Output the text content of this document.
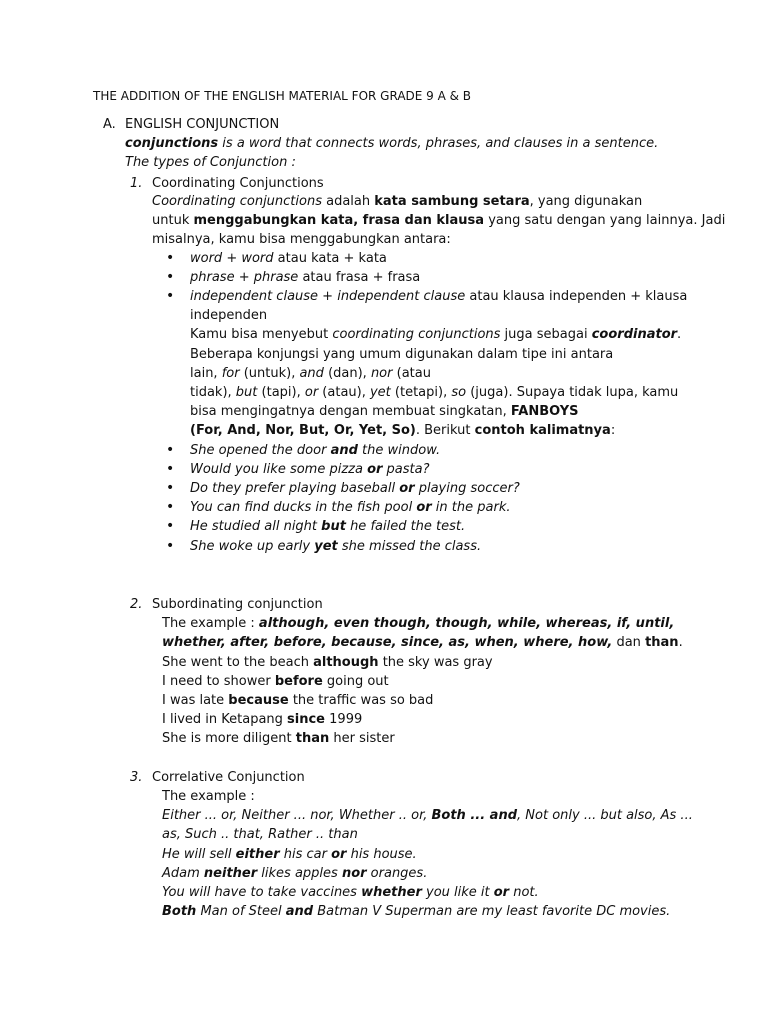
THE ADDITION OF THE ENGLISH MATERIAL FOR GRADE 9 A & B
A. ENGLISH CONJUNCTION
conjunctions is a word that connects words, phrases, and clauses in a sentence.
The types of Conjunction :
1. Coordinating Conjunctions
Coordinating conjunctions adalah kata sambung setara, yang digunakan
untuk menggabungkan kata, frasa dan klausa yang satu dengan yang lainnya. Jadi
misalnya, kamu bisa menggabungkan antara:
• word + word atau kata + kata
• phrase + phrase atau frasa + frasa
• independent clause + independent clause atau klausa independen + klausa
independen
Kamu bisa menyebut coordinating conjunctions juga sebagai coordinator.
Beberapa konjungsi yang umum digunakan dalam tipe ini antara
lain, for (untuk), and (dan), nor (atau
tidak), but (tapi), or (atau), yet (tetapi), so (juga). Supaya tidak lupa, kamu
bisa mengingatnya dengan membuat singkatan, FANBOYS
(For, And, Nor, But, Or, Yet, So). Berikut contoh kalimatnya:
• She opened the door and the window.
• Would you like some pizza or pasta?
• Do they prefer playing baseball or playing soccer?
• You can find ducks in the fish pool or in the park.
• He studied all night but he failed the test.
• She woke up early yet she missed the class.
2. Subordinating conjunction
The example : although, even though, though, while, whereas, if, until,
whether, after, before, because, since, as, when, where, how, dan than.
She went to the beach although the sky was gray
I need to shower before going out
I was late because the traffic was so bad
I lived in Ketapang since 1999
She is more diligent than her sister
3. Correlative Conjunction
The example :
Either ... or, Neither ... nor, Whether .. or, Both ... and, Not only ... but also, As ...
as, Such .. that, Rather .. than
He will sell either his car or his house.
Adam neither likes apples nor oranges.
You will have to take vaccines whether you like it or not.
Both Man of Steel and Batman V Superman are my least favorite DC movies.
